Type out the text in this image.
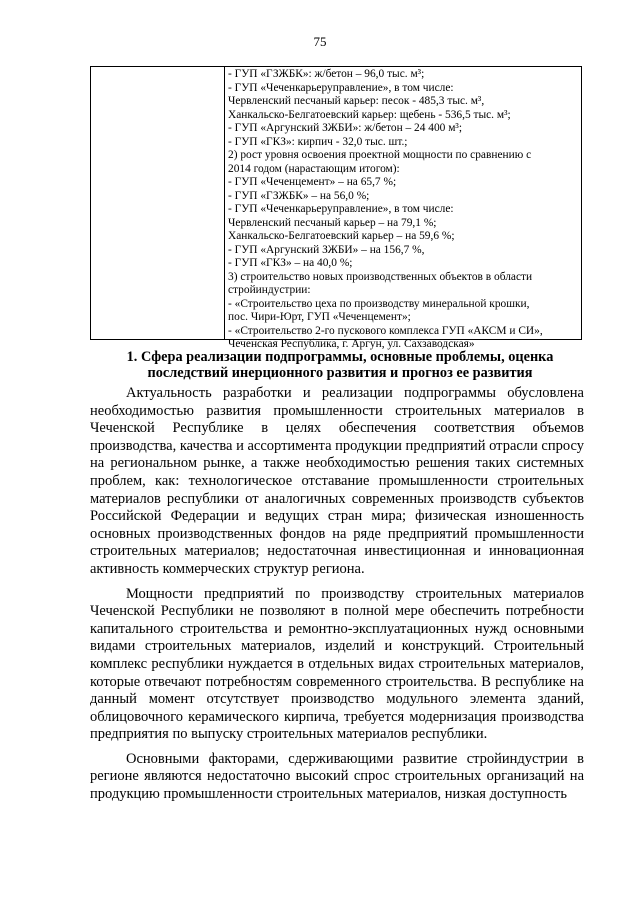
75
- ГУП «ГЗЖБК»: ж/бетон – 96,0 тыс. м³;
- ГУП «Чеченкарьеруправление», в том числе:
Червленский песчаный карьер: песок - 485,3 тыс. м³,
Ханкальско-Белгатоевский карьер: щебень - 536,5 тыс. м³;
- ГУП «Аргунский ЗЖБИ»: ж/бетон – 24 400 м³;
- ГУП «ГКЗ»: кирпич - 32,0 тыс. шт.;
2) рост уровня освоения проектной мощности по сравнению с
2014 годом (нарастающим итогом):
- ГУП «Чеченцемент» – на 65,7 %;
- ГУП «ГЗЖБК» – на 56,0 %;
- ГУП «Чеченкарьеруправление», в том числе:
Червленский песчаный карьер – на 79,1 %;
Ханкальско-Белгатоевский карьер – на 59,6 %;
- ГУП «Аргунский ЗЖБИ» – на 156,7 %,
- ГУП «ГКЗ» – на 40,0 %;
3) строительство новых производственных объектов в области
стройиндустрии:
- «Строительство цеха по производству минеральной крошки,
пос. Чири-Юрт, ГУП «Чеченцемент»;
- «Строительство 2-го пускового комплекса ГУП «АКСМ и СИ»,
Чеченская Республика, г. Аргун, ул. Сахзаводская»
1. Сфера реализации подпрограммы, основные проблемы, оценка последствий инерционного развития и прогноз ее развития

Актуальность разработки и реализации подпрограммы обусловлена необходимостью развития промышленности строительных материалов в Чеченской Республике в целях обеспечения соответствия объемов производства, качества и ассортимента продукции предприятий отрасли спросу на региональном рынке, а также необходимостью решения таких системных проблем, как: технологическое отставание промышленности строительных материалов республики от аналогичных современных производств субъектов Российской Федерации и ведущих стран мира; физическая изношенность основных производственных фондов на ряде предприятий промышленности строительных материалов; недостаточная инвестиционная и инновационная активность коммерческих структур региона.

Мощности предприятий по производству строительных материалов Чеченской Республики не позволяют в полной мере обеспечить потребности капитального строительства и ремонтно-эксплуатационных нужд основными видами строительных материалов, изделий и конструкций. Строительный комплекс республики нуждается в отдельных видах строительных материалов, которые отвечают потребностям современного строительства. В республике на данный момент отсутствует производство модульного элемента зданий, облицовочного керамического кирпича, требуется модернизация производства предприятия по выпуску строительных материалов республики.

Основными факторами, сдерживающими развитие стройиндустрии в регионе являются недостаточно высокий спрос строительных организаций на продукцию промышленности строительных материалов, низкая доступность
